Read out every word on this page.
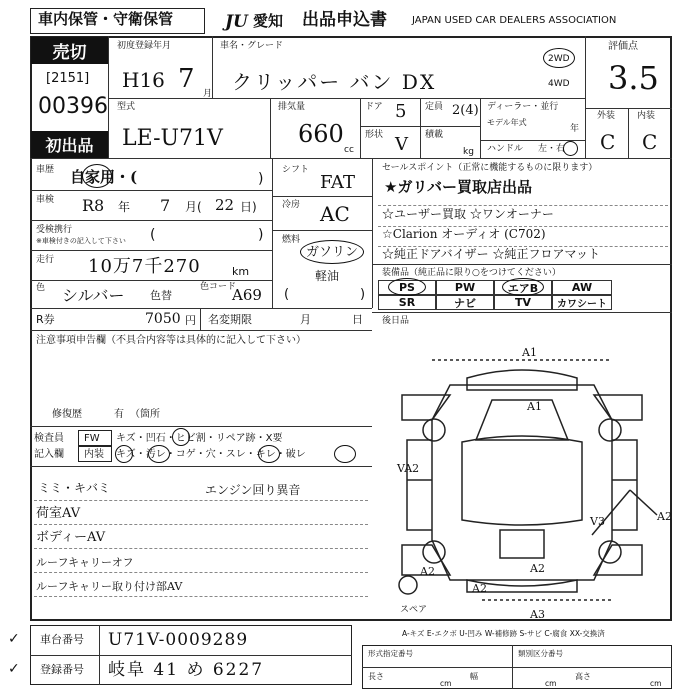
車内保管・守衛保管	JU 愛知 出品申込書	JAPAN USED CAR DEALERS ASSOCIATION
売切
[2151]
00396
初出品
初度登録年月
H16 7 月
車名・グレード
クリッパー バン DX
2WD
4WD
評価点
3.5
型式
LE-U71V
排気量
660
cc
ドア 5
形状 V
定員 2(4)
積載
kg
ディーラー・並行
モデル年式
年
ハンドル 左・右
外装 内装
C C
車歴 自家用・(	)
車検 R8 年 7 月( 22 日)
受検携行
※車検付きの記入して下さい (	)
走行 10万7千270	km
色 シルバー 色替
色コード
A69
シフト
FAT
冷房 AC
燃料
ガソリン
軽油
(	)
R券	7050 円 名変期限	月	日
注意事項申告欄（不具合内容等は具体的に記入して下さい）
修復歴	有 （箇所
検査員
記入欄
FW キズ・凹石・ヒビ割・リペア跡・X要
内装 キズ・汚レ・コゲ・穴・スレ・キレ・破レ
ミミ・キバミ	エンジン回り異音
荷室AV
ボディーAV
ルーフキャリーオフ
ルーフキャリー取り付け部AV
セールスポイント（正常に機能するものに限ります）
★ガリバー買取店出品
☆ユーザー買取 ☆ワンオーナー
☆Clarion オーディオ (C702)
☆純正ドアバイザー ☆純正フロアマット
装備品（純正品に限り○をつけてください）
PS	PW	エアB	AW
SR	ナビ	TV	カワシート
後日品
A1
A1
VA2
V3	A2
A2
A3
A2
A2
スペア
車台番号 U71V-0009289
登録番号 岐阜 41 め 6227
✓
✓
A-キズ E-エクボ U-凹み W-補修跡 S-サビ C-腐食 XX-交換済
形式指定番号	類別区分番号
長さ
cm
幅
cm
高さ
cm
